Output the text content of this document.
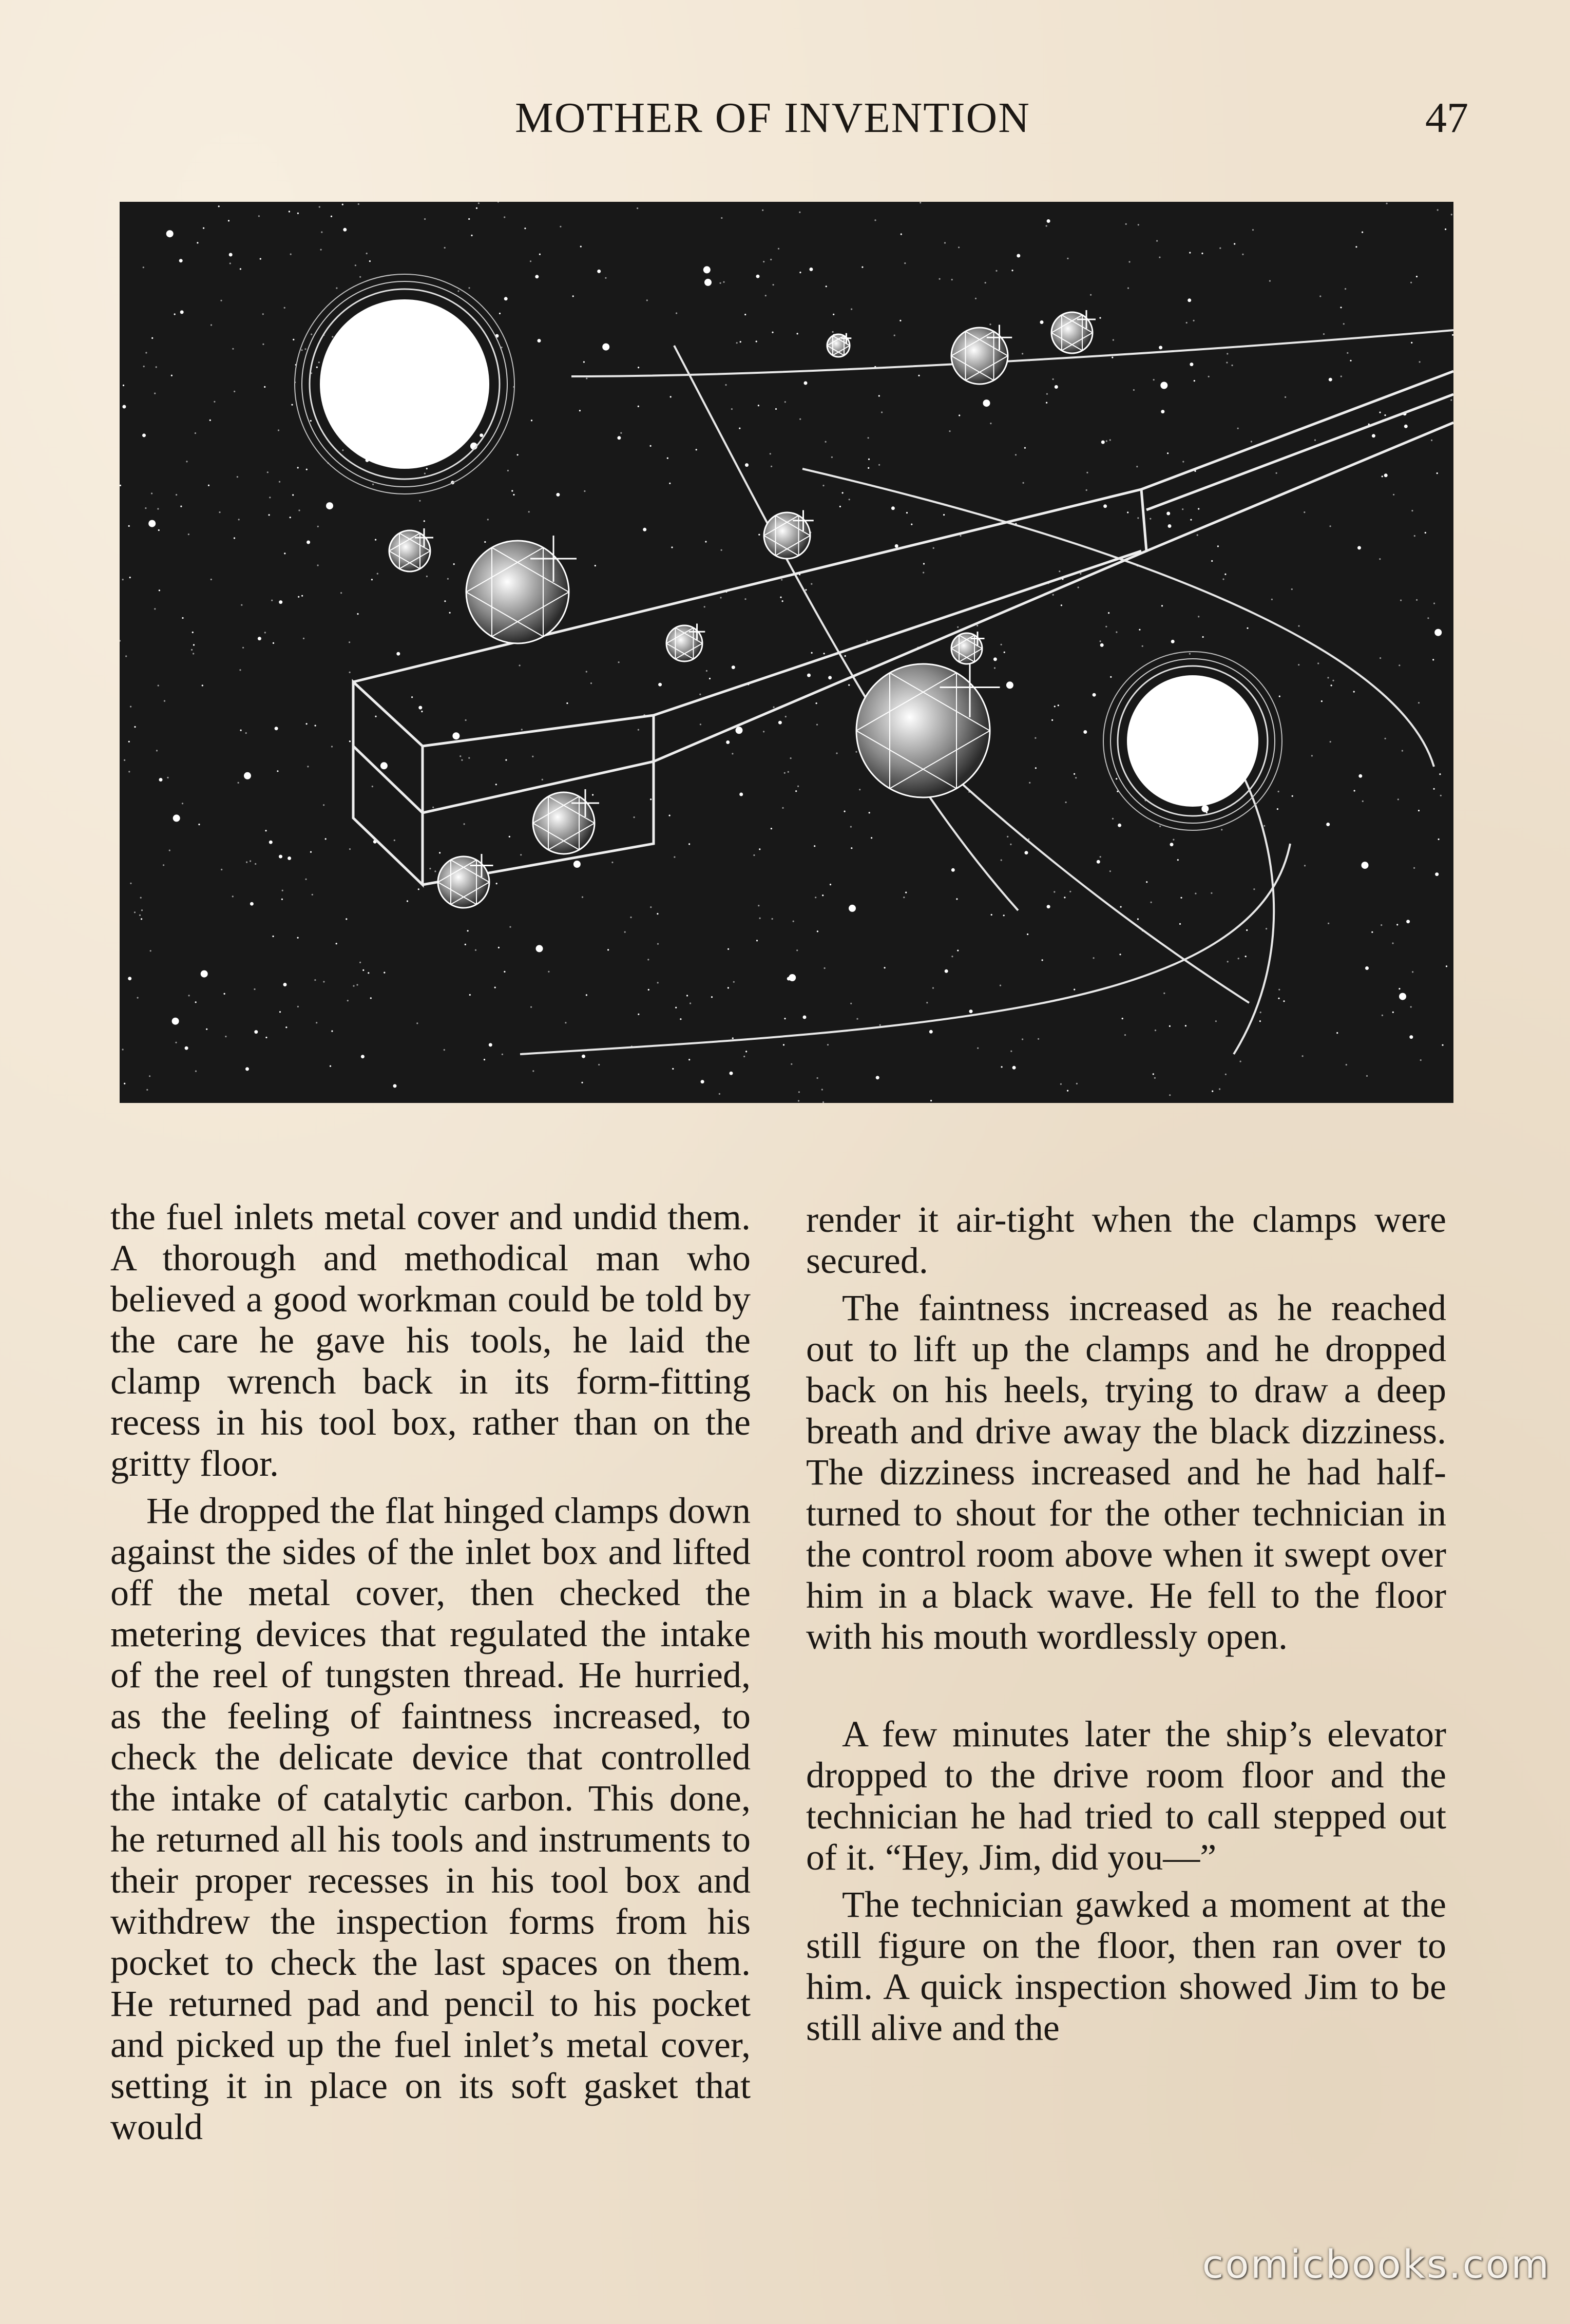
MOTHER OF INVENTION	47

the fuel inlets metal cover and undid them. A thorough and methodical man who believed a good workman could be told by the care he gave his tools, he laid the clamp wrench back in its form-fitting recess in his tool box, rather than on the gritty floor.

He dropped the flat hinged clamps down against the sides of the inlet box and lifted off the metal cover, then checked the metering devices that regulated the intake of the reel of tungsten thread. He hurried, as the feeling of faintness increased, to check the delicate device that controlled the intake of catalytic carbon. This done, he returned all his tools and instruments to their proper recesses in his tool box and withdrew the inspection forms from his pocket to check the last spaces on them. He returned pad and pencil to his pocket and picked up the fuel inlet’s metal cover, setting it in place on its soft gasket that would

render it air-tight when the clamps were secured.

The faintness increased as he reached out to lift up the clamps and he dropped back on his heels, trying to draw a deep breath and drive away the black dizziness. The dizziness increased and he had half-turned to shout for the other technician in the control room above when it swept over him in a black wave. He fell to the floor with his mouth wordlessly open.

A few minutes later the ship’s elevator dropped to the drive room floor and the technician he had tried to call stepped out of it. “Hey, Jim, did you—”

The technician gawked a moment at the still figure on the floor, then ran over to him. A quick inspection showed Jim to be still alive and the

comicbooks.com
